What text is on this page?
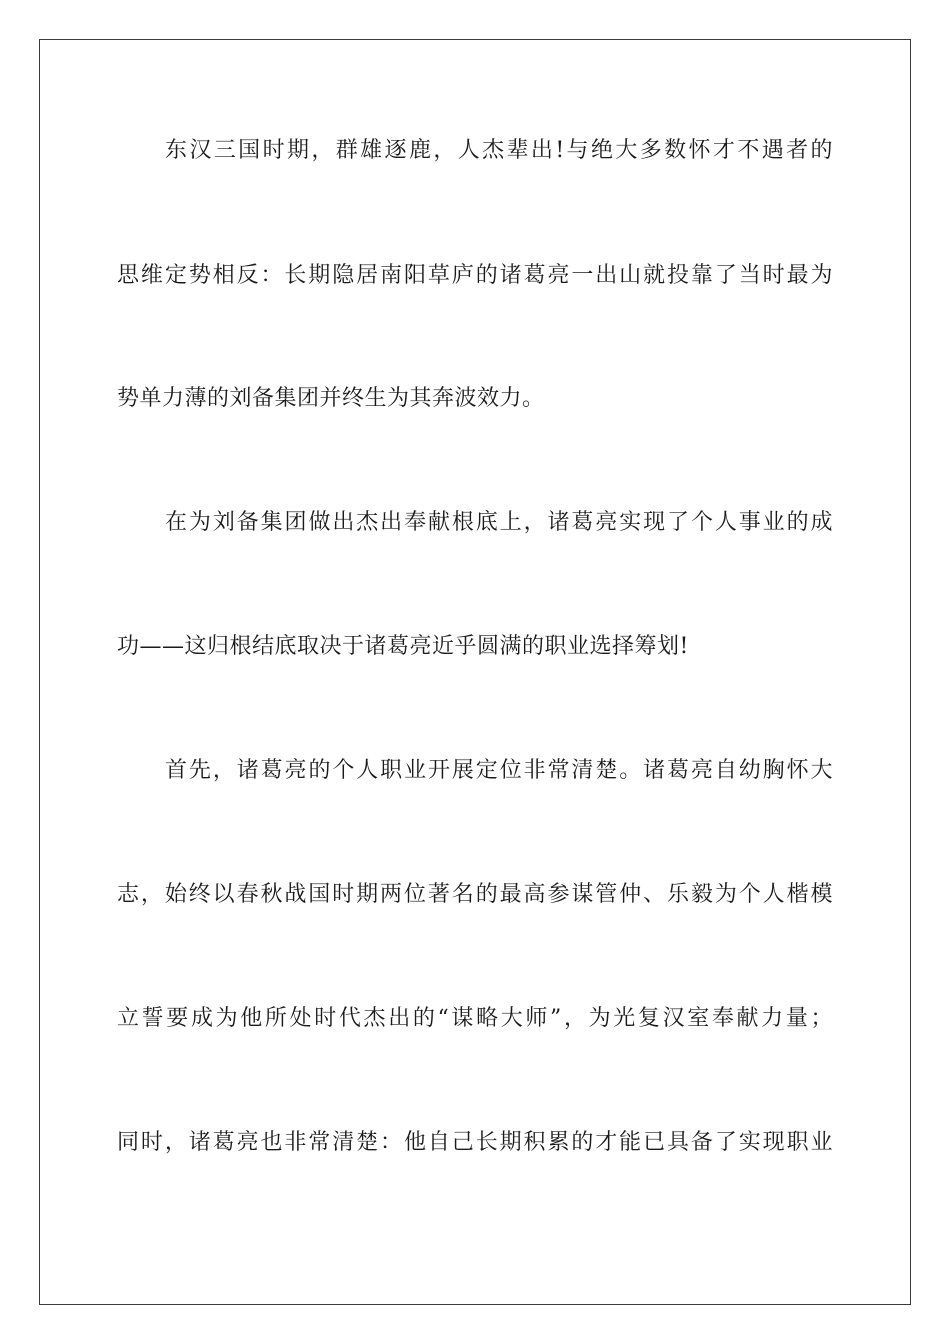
东汉三国时期，群雄逐鹿，人杰辈出!与绝大多数怀才不遇者的
思维定势相反：长期隐居南阳草庐的诸葛亮一出山就投靠了当时最为
势单力薄的刘备集团并终生为其奔波效力。
在为刘备集团做出杰出奉献根底上，诸葛亮实现了个人事业的成
功——这归根结底取决于诸葛亮近乎圆满的职业选择筹划!
首先，诸葛亮的个人职业开展定位非常清楚。诸葛亮自幼胸怀大
志，始终以春秋战国时期两位著名的最高参谋管仲、乐毅为个人楷模
立誓要成为他所处时代杰出的“谋略大师”，为光复汉室奉献力量；
同时，诸葛亮也非常清楚：他自己长期积累的才能已具备了实现职业
